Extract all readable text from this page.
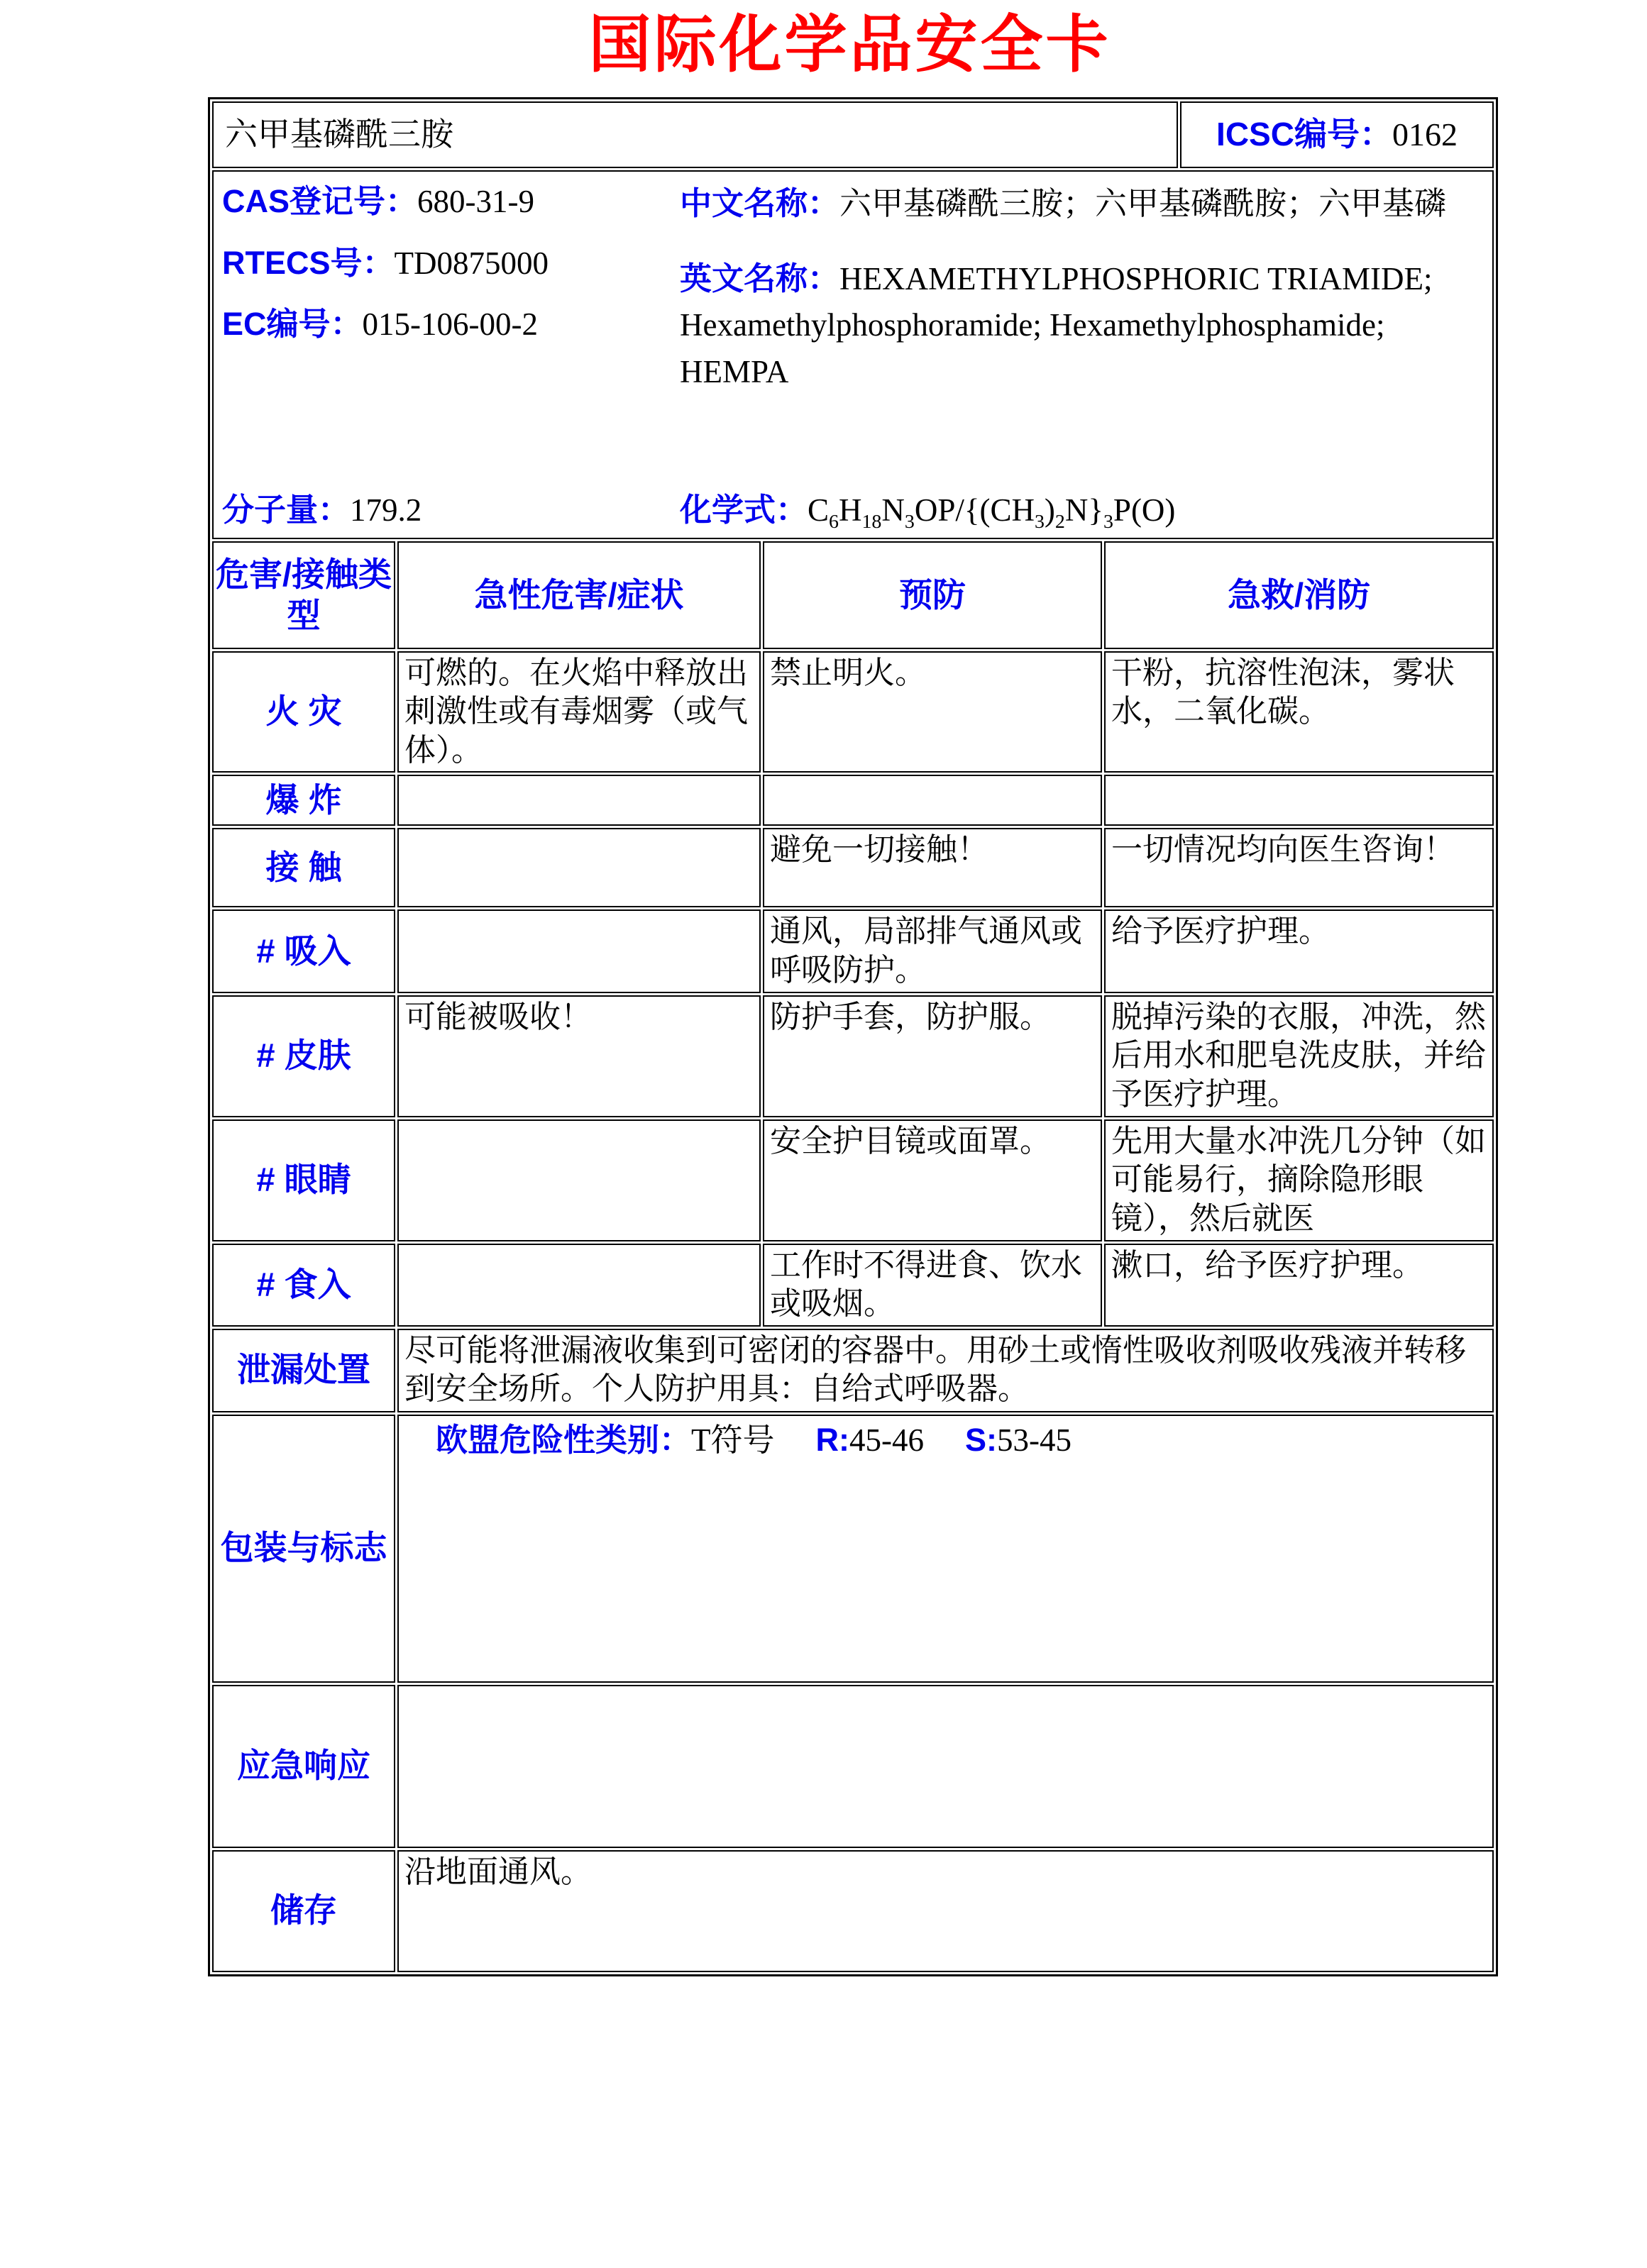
国际化学品安全卡
六甲基磷酰三胺				ICSC编号：0162

CAS登记号：680-31-9

RTECS号：TD0875000

EC编号：015-106-00-2

分子量：179.2

中文名称：六甲基磷酰三胺；六甲基磷酰胺；六甲基磷

英文名称：HEXAMETHYLPHOSPHORIC TRIAMIDE; Hexamethylphosphoramide; Hexamethylphosphamide; HEMPA

化学式：$C_6H_{18}N_3OP/\{(CH_3)_2N\}_3P(O)$

危害/接触类型	急性危害/症状	预防	急救/消防	
火 灾	可燃的。在火焰中释放出刺激性或有毒烟雾（或气体）。	禁止明火。	干粉，抗溶性泡沫，雾状水，二氧化碳。	
爆 炸				
接 触		避免一切接触！	一切情况均向医生咨询！	
# 吸入		通风，局部排气通风或呼吸防护。	给予医疗护理。	
# 皮肤	可能被吸收！	防护手套，防护服。	脱掉污染的衣服，冲洗，然后用水和肥皂洗皮肤，并给予医疗护理。	
# 眼睛		安全护目镜或面罩。	先用大量水冲洗几分钟（如可能易行，摘除隐形眼镜），然后就医	
# 食入		工作时不得进食、饮水或吸烟。	漱口，给予医疗护理。	
泄漏处置	尽可能将泄漏液收集到可密闭的容器中。用砂土或惰性吸收剂吸收残液并转移到安全场所。个人防护用具：自给式呼吸器。			
包装与标志	欧盟危险性类别：T符号 R:45-46 S:53-45			

应急响应				
储存	沿地面通风。			
